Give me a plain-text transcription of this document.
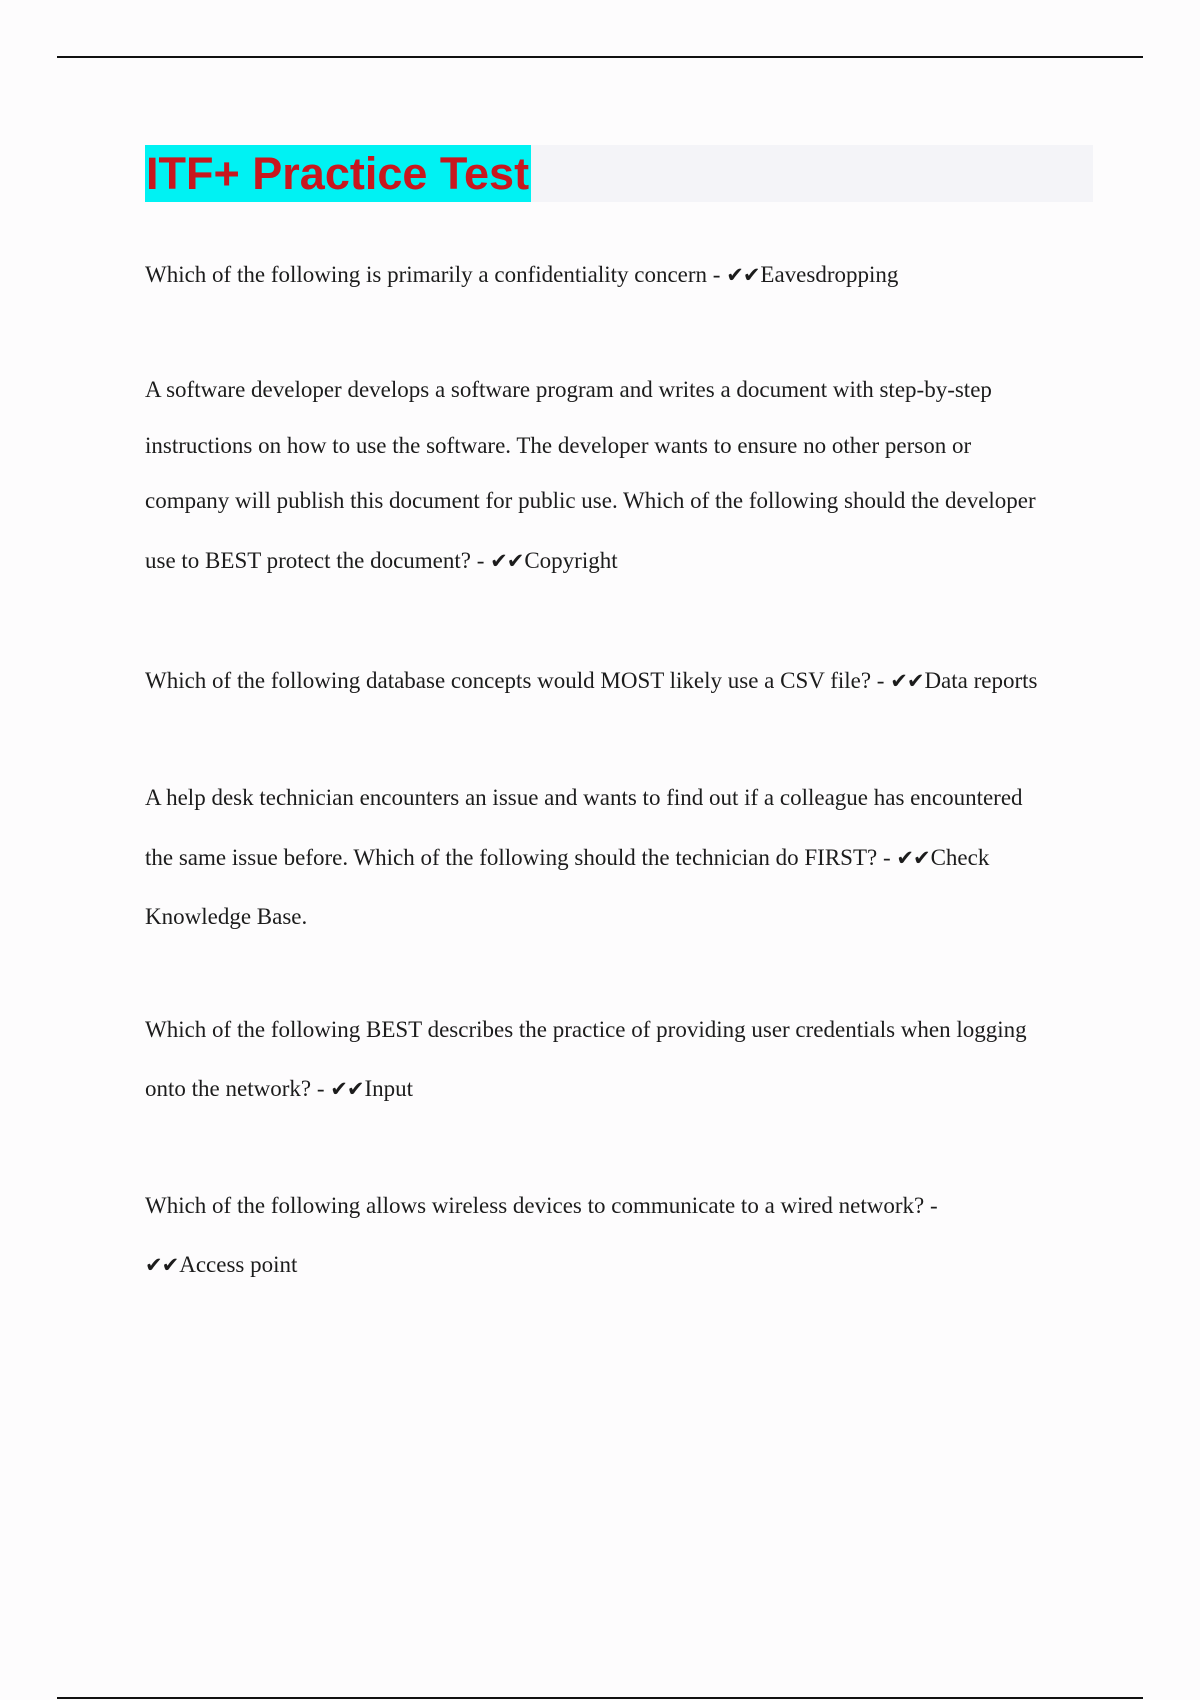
ITF+ Practice Test
Which of the following is primarily a confidentiality concern - ✔✔Eavesdropping
A software developer develops a software program and writes a document with step-by-step
instructions on how to use the software. The developer wants to ensure no other person or
company will publish this document for public use. Which of the following should the developer
use to BEST protect the document? - ✔✔Copyright
Which of the following database concepts would MOST likely use a CSV file? - ✔✔Data reports
A help desk technician encounters an issue and wants to find out if a colleague has encountered
the same issue before. Which of the following should the technician do FIRST? - ✔✔Check
Knowledge Base.
Which of the following BEST describes the practice of providing user credentials when logging
onto the network? - ✔✔Input
Which of the following allows wireless devices to communicate to a wired network? -
✔✔Access point
